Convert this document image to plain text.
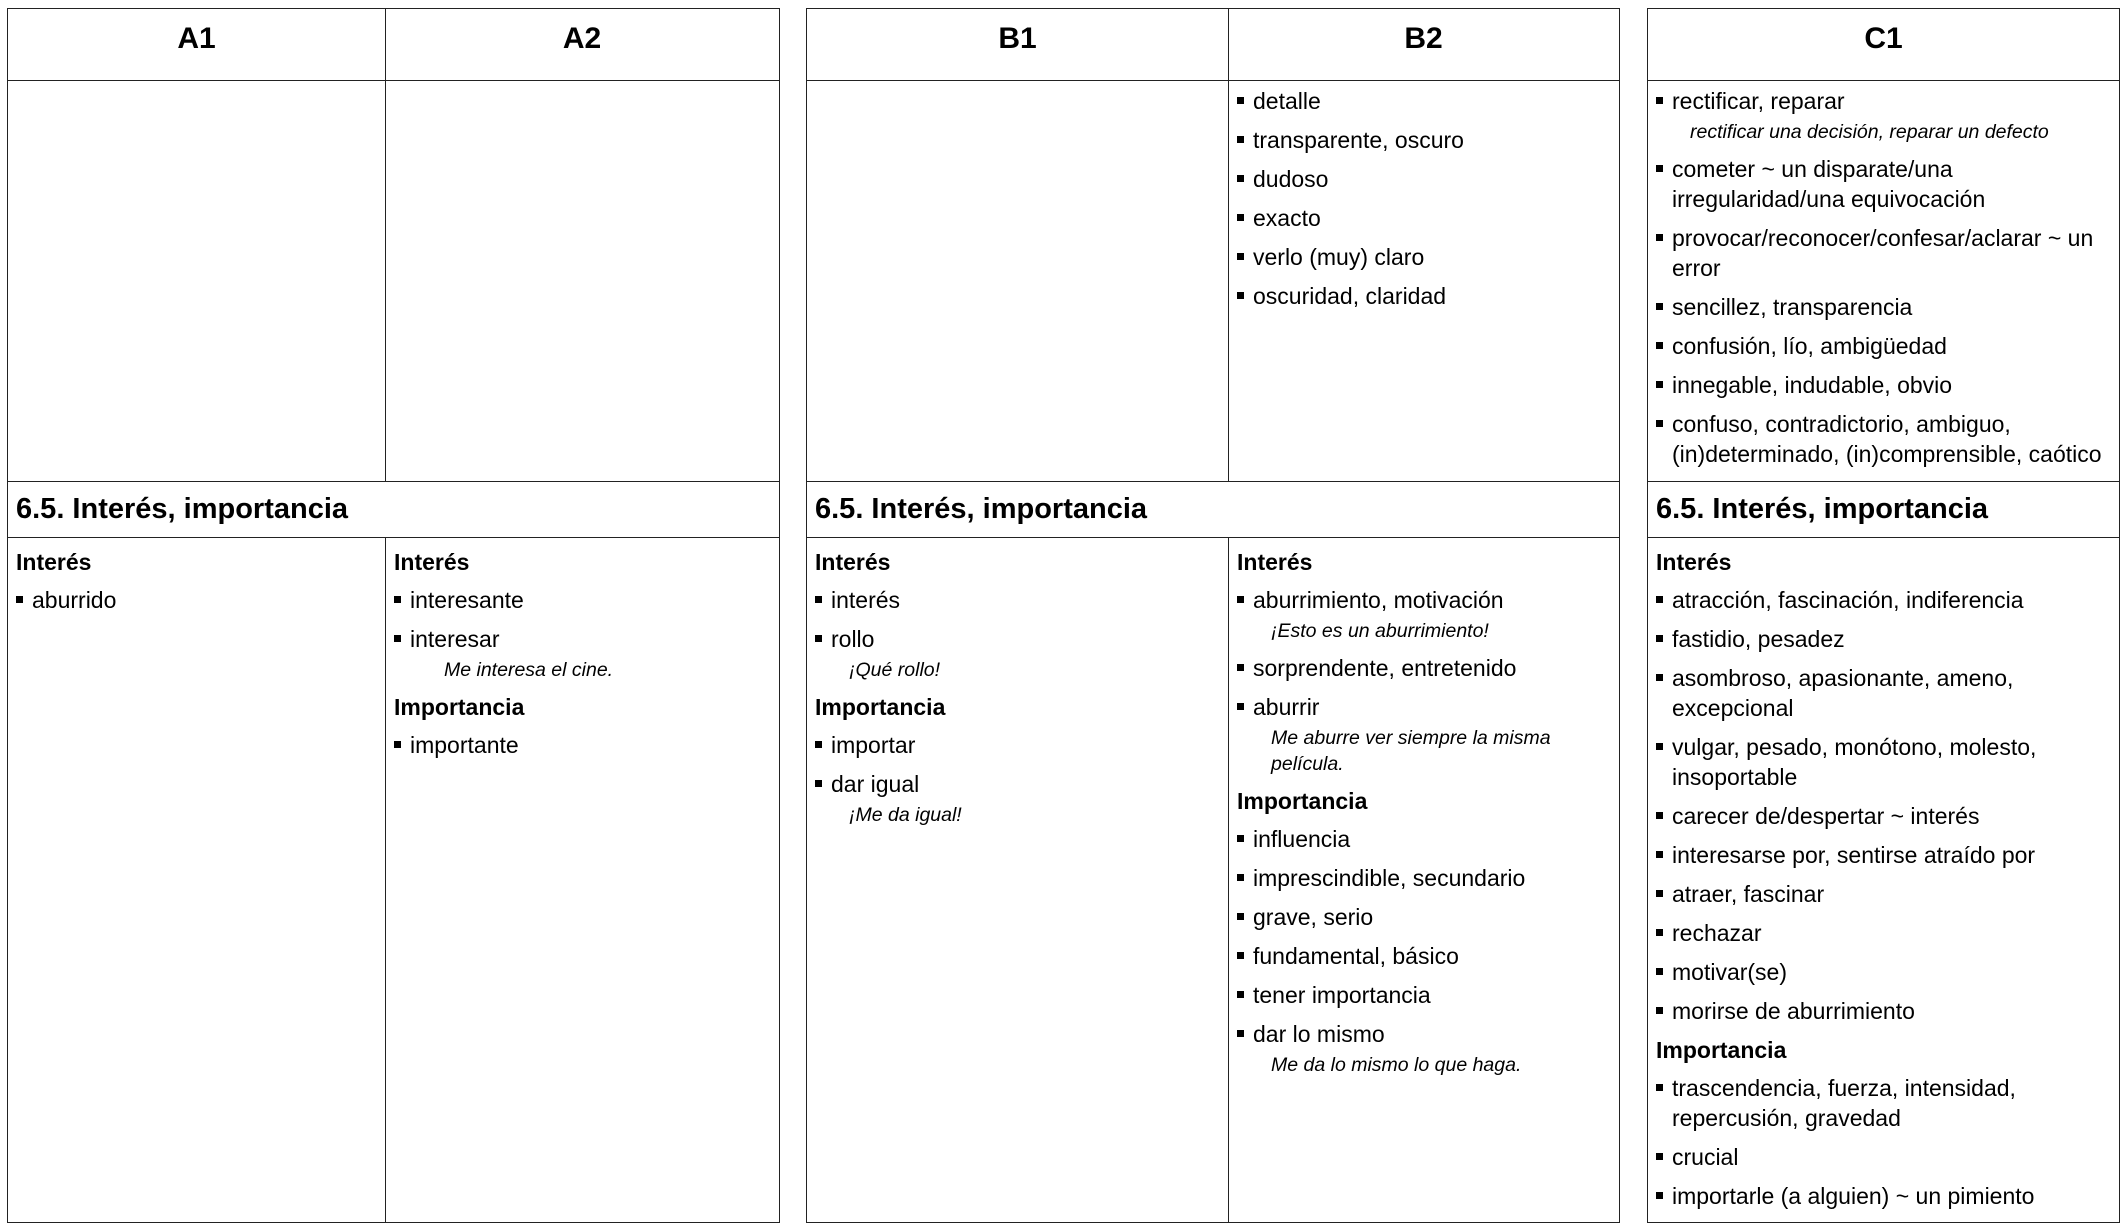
A1	A2
6.5. Interés, importancia
Interés
aburrido
Interés
interesante
interesar
Me interesa el cine.
Importancia
importante
B1	B2
6.5. Interés, importancia
detalle
transparente, oscuro
dudoso
exacto
verlo (muy) claro
oscuridad, claridad
Interés
interés
rollo
¡Qué rollo!
Importancia
importar
dar igual
¡Me da igual!
Interés
aburrimiento, motivación
¡Esto es un aburrimiento!
sorprendente, entretenido
aburrir
Me aburre ver siempre la misma película.
Importancia
influencia
imprescindible, secundario
grave, serio
fundamental, básico
tener importancia
dar lo mismo
Me da lo mismo lo que haga.
C1
6.5. Interés, importancia
rectificar, reparar
rectificar una decisión, reparar un defecto
cometer ~ un disparate/una irregularidad/una equivocación
provocar/reconocer/confesar/aclarar ~ un error
sencillez, transparencia
confusión, lío, ambigüedad
innegable, indudable, obvio
confuso, contradictorio, ambiguo, (in)determinado, (in)comprensible, caótico
Interés
atracción, fascinación, indiferencia
fastidio, pesadez
asombroso, apasionante, ameno, excepcional
vulgar, pesado, monótono, molesto, insoportable
carecer de/despertar ~ interés
interesarse por, sentirse atraído por
atraer, fascinar
rechazar
motivar(se)
morirse de aburrimiento
Importancia
trascendencia, fuerza, intensidad, repercusión, gravedad
crucial
importarle (a alguien) ~ un pimiento
